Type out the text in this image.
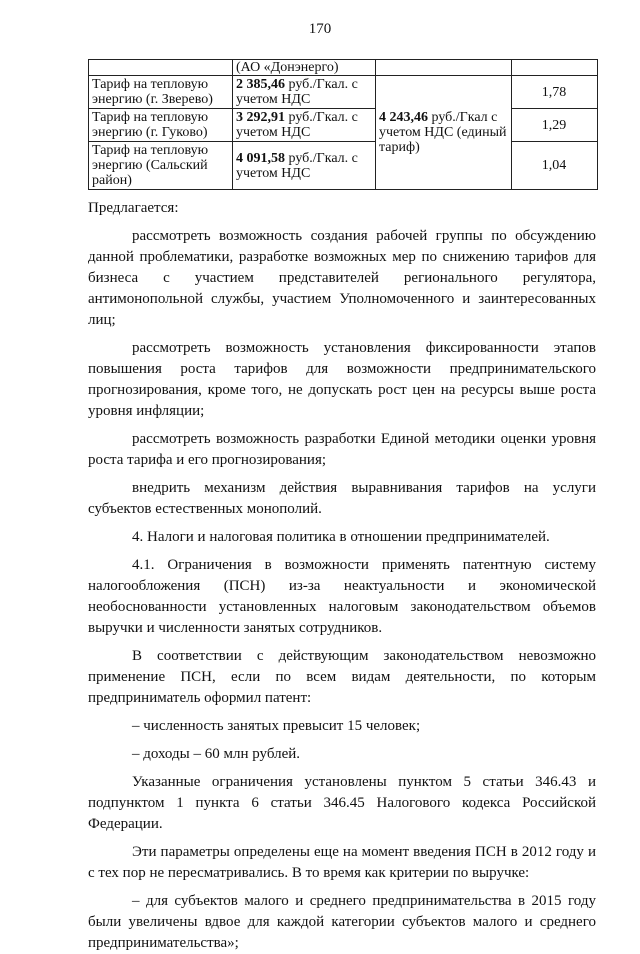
170
	(АО «Донэнерго)		
Тариф на тепловую энергию (г. Зверево)	2 385,46 руб./Гкал. с учетом НДС	4 243,46 руб./Гкал с учетом НДС (единый тариф)	1,78
Тариф на тепловую энергию (г. Гуково)	3 292,91 руб./Гкал. с учетом НДС		1,29
Тариф на тепловую энергию (Сальский район)	4 091,58 руб./Гкал. с учетом НДС		1,04

Предлагается:

рассмотреть возможность создания рабочей группы по обсуждению данной проблематики, разработке возможных мер по снижению тарифов для бизнеса с участием представителей регионального регулятора, антимонопольной службы, участием Уполномоченного и заинтересованных лиц;

рассмотреть возможность установления фиксированности этапов повышения роста тарифов для возможности предпринимательского прогнозирования, кроме того, не допускать рост цен на ресурсы выше роста уровня инфляции;

рассмотреть возможность разработки Единой методики оценки уровня роста тарифа и его прогнозирования;

внедрить механизм действия выравнивания тарифов на услуги субъектов естественных монополий.

4. Налоги и налоговая политика в отношении предпринимателей.

4.1. Ограничения в возможности применять патентную систему налогообложения (ПСН) из-за неактуальности и экономической необоснованности установленных налоговым законодательством объемов выручки и численности занятых сотрудников.

В соответствии с действующим законодательством невозможно применение ПСН, если по всем видам деятельности, по которым предприниматель оформил патент:

– численность занятых превысит 15 человек;

– доходы – 60 млн рублей.

Указанные ограничения установлены пунктом 5 статьи 346.43 и подпунктом 1 пункта 6 статьи 346.45 Налогового кодекса Российской Федерации.

Эти параметры определены еще на момент введения ПСН в 2012 году и с тех пор не пересматривались. В то время как критерии по выручке:

– для субъектов малого и среднего предпринимательства в 2015 году были увеличены вдвое для каждой категории субъектов малого и среднего предпринимательства»;
